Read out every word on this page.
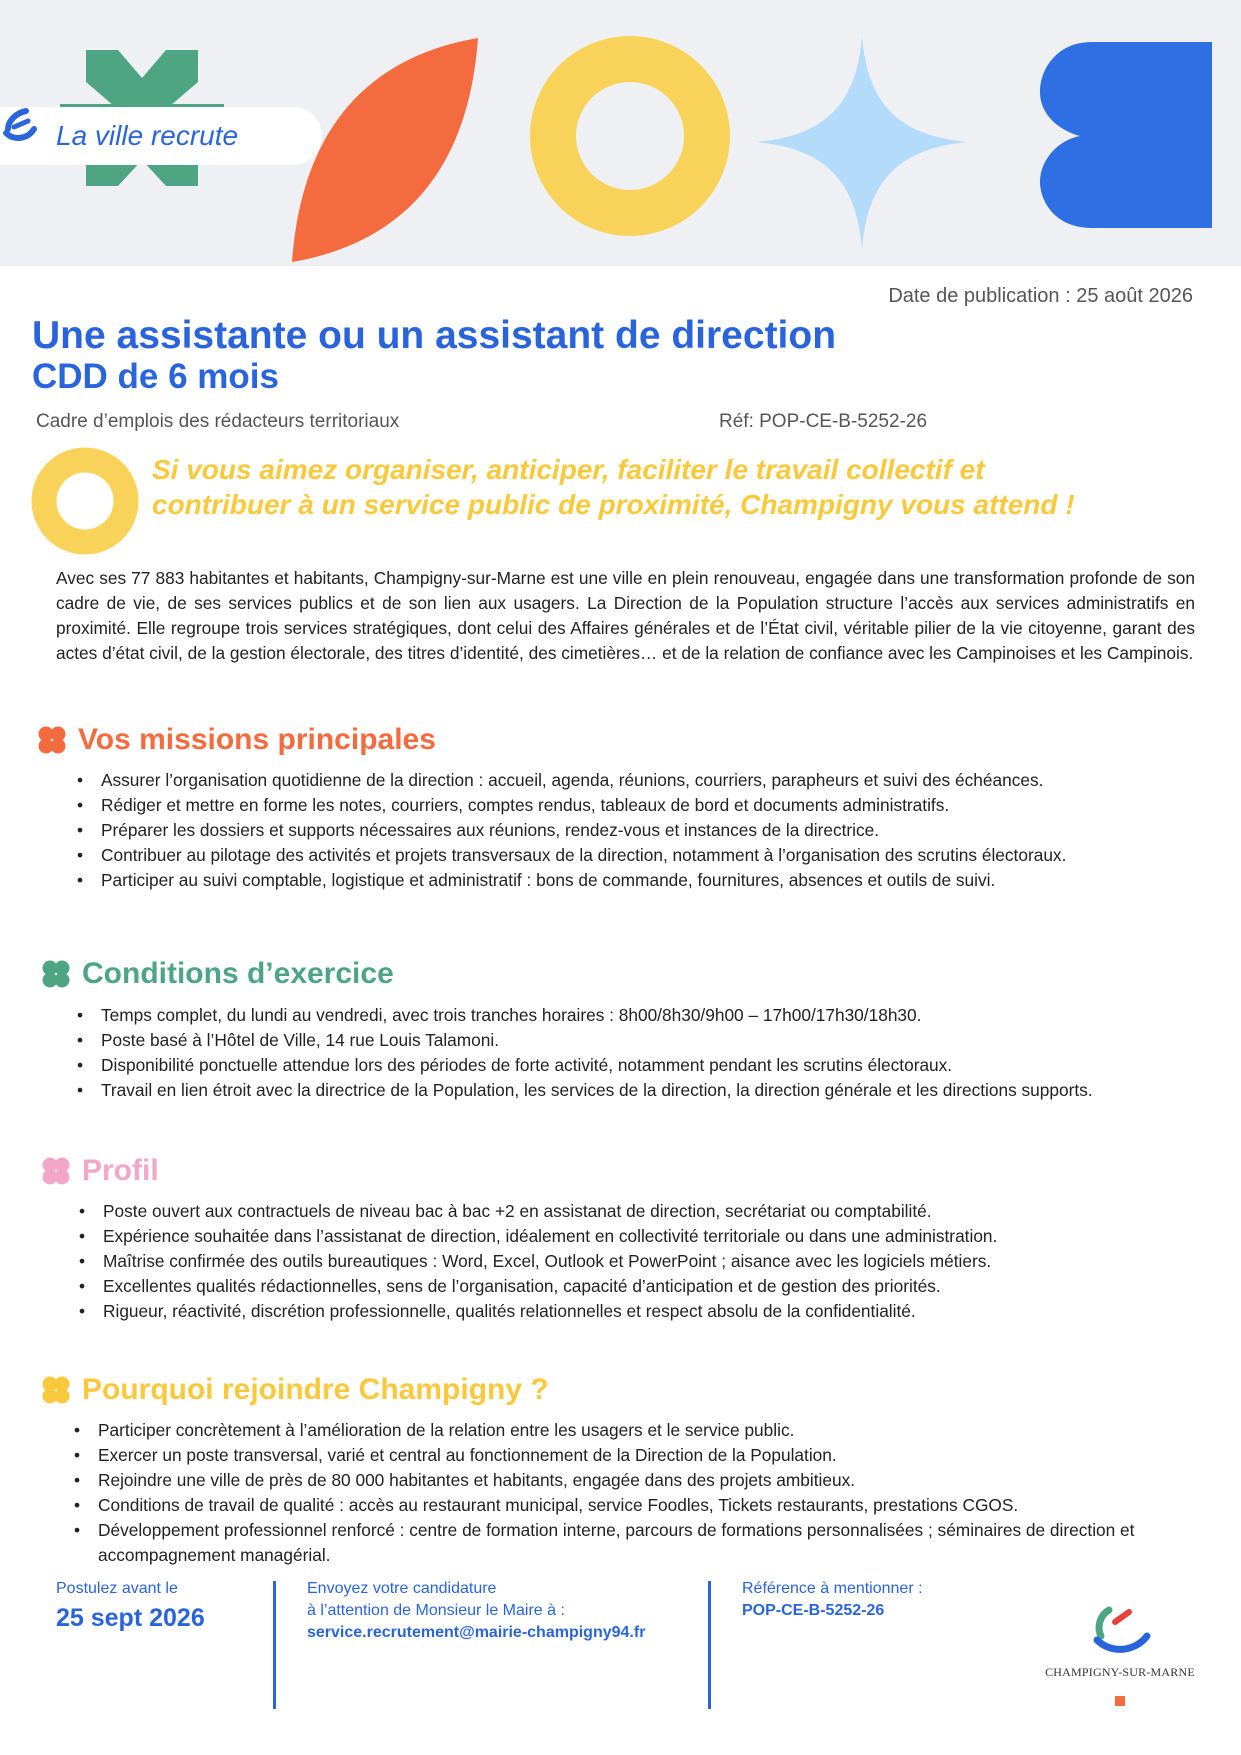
La ville recrute
Date de publication : 25 août 2026
Une assistante ou un assistant de direction
CDD de 6 mois
Cadre d’emplois des rédacteurs territoriaux	Réf: POP-CE-B-5252-26
Si vous aimez organiser, anticiper, faciliter le travail collectif et
contribuer à un service public de proximité, Champigny vous attend !

Avec ses 77 883 habitantes et habitants, Champigny-sur-Marne est une ville en plein renouveau, engagée dans une transformation profonde de son cadre de vie, de ses services publics et de son lien aux usagers. La Direction de la Population structure l’accès aux services administratifs en proximité. Elle regroupe trois services stratégiques, dont celui des Affaires générales et de l’État civil, véritable pilier de la vie citoyenne, garant des actes d’état civil, de la gestion électorale, des titres d’identité, des cimetières… et de la relation de confiance avec les Campinoises et les Campinois.

Vos missions principales
• Assurer l’organisation quotidienne de la direction : accueil, agenda, réunions, courriers, parapheurs et suivi des échéances.
• Rédiger et mettre en forme les notes, courriers, comptes rendus, tableaux de bord et documents administratifs.
• Préparer les dossiers et supports nécessaires aux réunions, rendez-vous et instances de la directrice.
• Contribuer au pilotage des activités et projets transversaux de la direction, notamment à l’organisation des scrutins électoraux.
• Participer au suivi comptable, logistique et administratif : bons de commande, fournitures, absences et outils de suivi.
Conditions d’exercice
• Temps complet, du lundi au vendredi, avec trois tranches horaires : 8h00/8h30/9h00 – 17h00/17h30/18h30.
• Poste basé à l’Hôtel de Ville, 14 rue Louis Talamoni.
• Disponibilité ponctuelle attendue lors des périodes de forte activité, notamment pendant les scrutins électoraux.
• Travail en lien étroit avec la directrice de la Population, les services de la direction, la direction générale et les directions supports.
Profil
• Poste ouvert aux contractuels de niveau bac à bac +2 en assistanat de direction, secrétariat ou comptabilité.
• Expérience souhaitée dans l’assistanat de direction, idéalement en collectivité territoriale ou dans une administration.
• Maîtrise confirmée des outils bureautiques : Word, Excel, Outlook et PowerPoint ; aisance avec les logiciels métiers.
• Excellentes qualités rédactionnelles, sens de l’organisation, capacité d’anticipation et de gestion des priorités.
• Rigueur, réactivité, discrétion professionnelle, qualités relationnelles et respect absolu de la confidentialité.
Pourquoi rejoindre Champigny ?
• Participer concrètement à l’amélioration de la relation entre les usagers et le service public.
• Exercer un poste transversal, varié et central au fonctionnement de la Direction de la Population.
• Rejoindre une ville de près de 80 000 habitantes et habitants, engagée dans des projets ambitieux.
• Conditions de travail de qualité : accès au restaurant municipal, service Foodles, Tickets restaurants, prestations CGOS.
• Développement professionnel renforcé : centre de formation interne, parcours de formations personnalisées ; séminaires de direction et accompagnement managérial.
Postulez avant le
25 sept 2026
Envoyez votre candidature
à l’attention de Monsieur le Maire à :
service.recrutement@mairie-champigny94.fr
Référence à mentionner :
POP-CE-B-5252-26
CHAMPIGNY-SUR-MARNE
